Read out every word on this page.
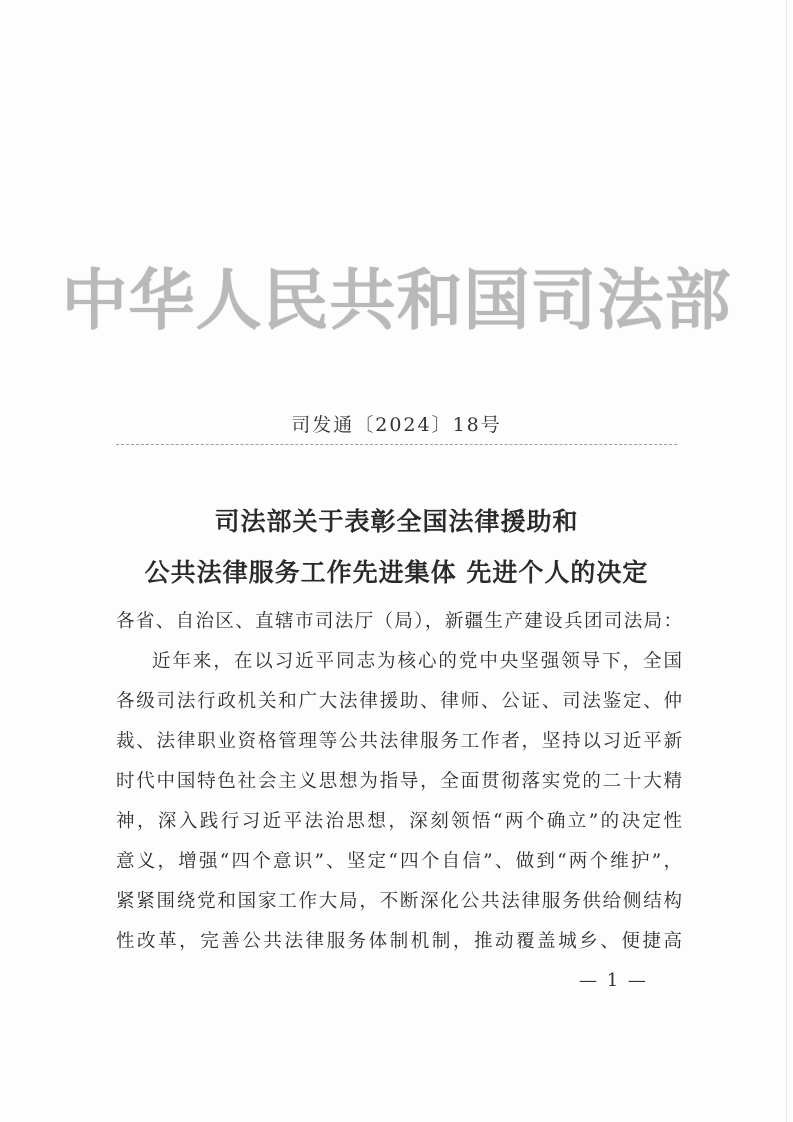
中华人民共和国司法部
司发通〔2024〕18号
司法部关于表彰全国法律援助和
公共法律服务工作先进集体 先进个人的决定
各省、自治区、直辖市司法厅（局），新疆生产建设兵团司法局：
近年来，在以习近平同志为核心的党中央坚强领导下，全国
各级司法行政机关和广大法律援助、律师、公证、司法鉴定、仲
裁、法律职业资格管理等公共法律服务工作者，坚持以习近平新
时代中国特色社会主义思想为指导，全面贯彻落实党的二十大精
神，深入践行习近平法治思想，深刻领悟“两个确立”的决定性
意义，增强“四个意识”、坚定“四个自信”、做到“两个维护”，
紧紧围绕党和国家工作大局，不断深化公共法律服务供给侧结构
性改革，完善公共法律服务体制机制，推动覆盖城乡、便捷高
— 1 —
